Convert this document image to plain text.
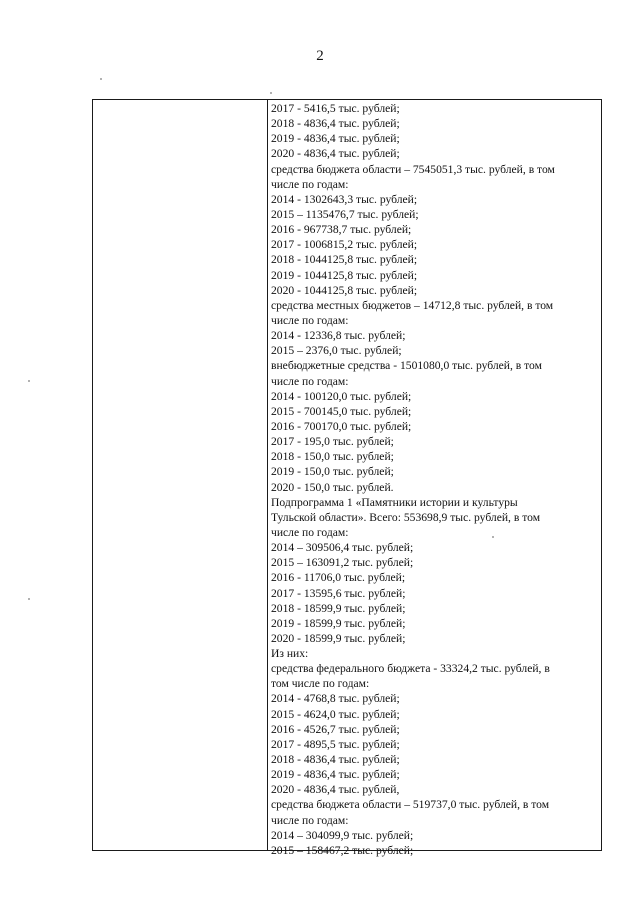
2
2017 - 5416,5 тыс. рублей;
2018 - 4836,4 тыс. рублей;
2019 - 4836,4 тыс. рублей;
2020 - 4836,4 тыс. рублей;
средства бюджета области – 7545051,3 тыс. рублей, в том
числе по годам:
2014 - 1302643,3 тыс. рублей;
2015 – 1135476,7 тыс. рублей;
2016 - 967738,7 тыс. рублей;
2017 - 1006815,2 тыс. рублей;
2018 - 1044125,8 тыс. рублей;
2019 - 1044125,8 тыс. рублей;
2020 - 1044125,8 тыс. рублей;
средства местных бюджетов – 14712,8 тыс. рублей, в том
числе по годам:
2014 - 12336,8 тыс. рублей;
2015 – 2376,0 тыс. рублей;
внебюджетные средства - 1501080,0 тыс. рублей, в том
числе по годам:
2014 - 100120,0 тыс. рублей;
2015 - 700145,0 тыс. рублей;
2016 - 700170,0 тыс. рублей;
2017 - 195,0 тыс. рублей;
2018 - 150,0 тыс. рублей;
2019 - 150,0 тыс. рублей;
2020 - 150,0 тыс. рублей.
Подпрограмма 1 «Памятники истории и культуры
Тульской области». Всего: 553698,9 тыс. рублей, в том
числе по годам:
2014 – 309506,4 тыс. рублей;
2015 – 163091,2 тыс. рублей;
2016 - 11706,0 тыс. рублей;
2017 - 13595,6 тыс. рублей;
2018 - 18599,9 тыс. рублей;
2019 - 18599,9 тыс. рублей;
2020 - 18599,9 тыс. рублей;
Из них:
средства федерального бюджета - 33324,2 тыс. рублей, в
том числе по годам:
2014 - 4768,8 тыс. рублей;
2015 - 4624,0 тыс. рублей;
2016 - 4526,7 тыс. рублей;
2017 - 4895,5 тыс. рублей;
2018 - 4836,4 тыс. рублей;
2019 - 4836,4 тыс. рублей;
2020 - 4836,4 тыс. рублей,
средства бюджета области – 519737,0 тыс. рублей, в том
числе по годам:
2014 – 304099,9 тыс. рублей;
2015 – 158467,2 тыс. рублей;
